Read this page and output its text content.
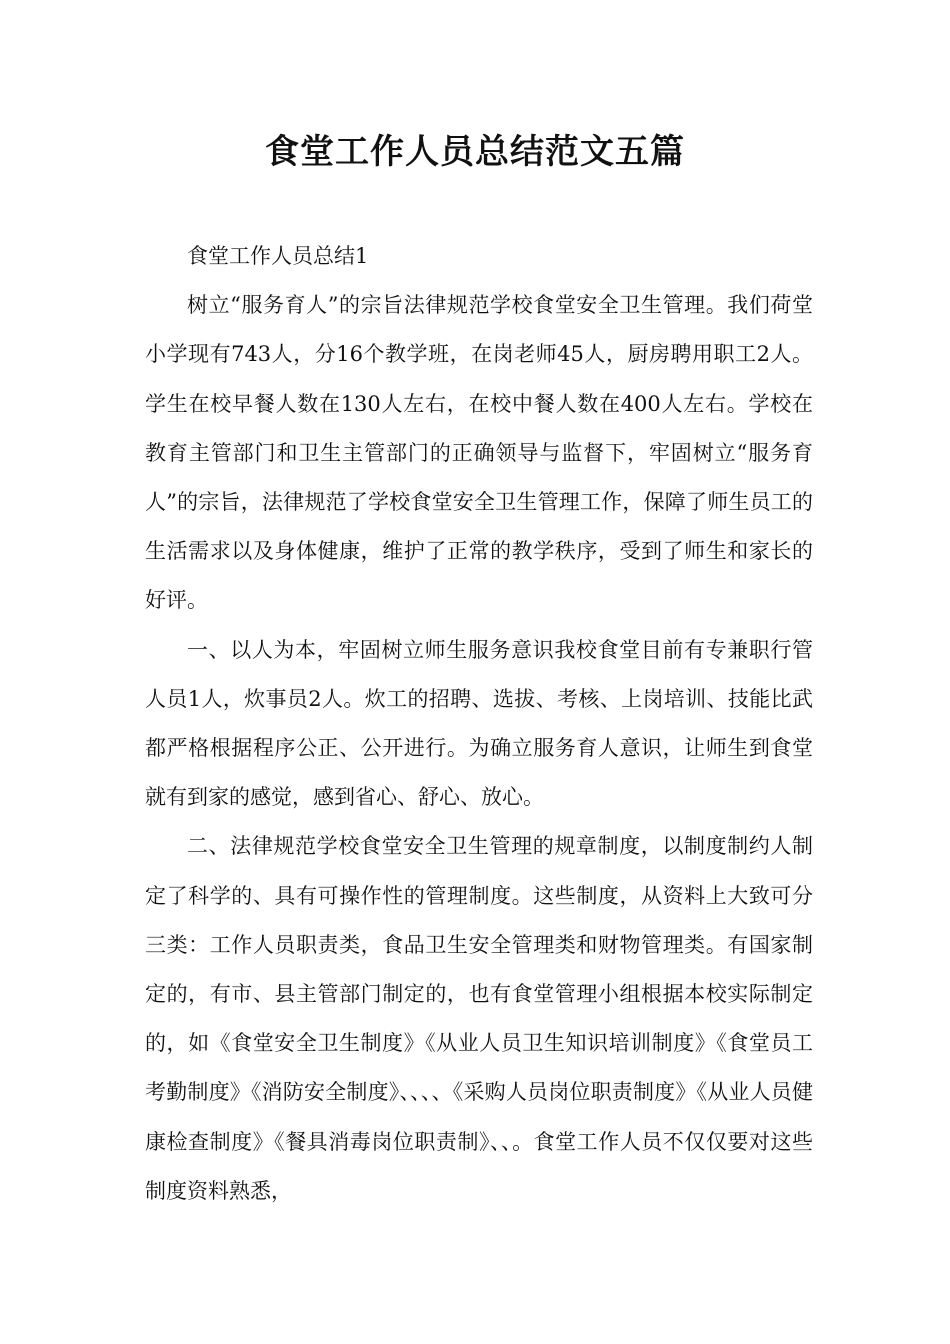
食堂工作人员总结范文五篇

食堂工作人员总结1

树立“服务育人”的宗旨法律规范学校食堂安全卫生管理。我们荷堂小学现有743人，分16个教学班，在岗老师45人，厨房聘用职工2人。学生在校早餐人数在130人左右，在校中餐人数在400人左右。学校在教育主管部门和卫生主管部门的正确领导与监督下，牢固树立“服务育人”的宗旨，法律规范了学校食堂安全卫生管理工作，保障了师生员工的生活需求以及身体健康，维护了正常的教学秩序，受到了师生和家长的好评。

一、以人为本，牢固树立师生服务意识我校食堂目前有专兼职行管人员1人，炊事员2人。炊工的招聘、选拔、考核、上岗培训、技能比武都严格根据程序公正、公开进行。为确立服务育人意识，让师生到食堂就有到家的感觉，感到省心、舒心、放心。

二、法律规范学校食堂安全卫生管理的规章制度，以制度制约人制定了科学的、具有可操作性的管理制度。这些制度，从资料上大致可分三类：工作人员职责类，食品卫生安全管理类和财物管理类。有国家制定的，有市、县主管部门制定的，也有食堂管理小组根据本校实际制定的，如《食堂安全卫生制度》《从业人员卫生知识培训制度》《食堂员工考勤制度》《消防安全制度》、、、、《采购人员岗位职责制度》《从业人员健康检查制度》《餐具消毒岗位职责制》、、。食堂工作人员不仅仅要对这些制度资料熟悉，
